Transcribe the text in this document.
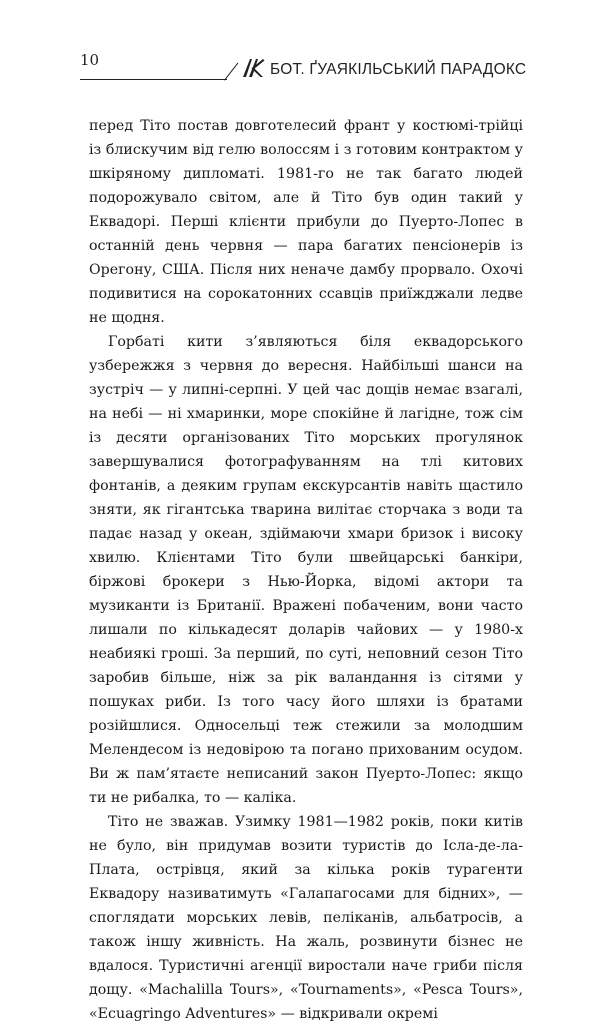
10
БОТ. ҐУАЯКІЛЬСЬКИЙ ПАРАДОКС

перед Тіто постав довготелесий франт у костюмі-трійці із блискучим від гелю волоссям і з готовим контрактом у шкіряному дипломаті. 1981-го не так багато людей подорожувало світом, але й Тіто був один такий у Еквадорі. Перші клієнти прибули до Пуерто-Лопес в останній день червня — пара багатих пенсіонерів із Орегону, США. Після них неначе дамбу прорвало. Охочі подивитися на сорокатонних ссавців приїжджали ледве не щодня.

Горбаті кити з’являються біля еквадорського узбережжя з червня до вересня. Найбільші шанси на зустріч — у липні-серпні. У цей час дощів немає взагалі, на небі — ні хмаринки, море спокійне й лагідне, тож сім із десяти організованих Тіто морських прогулянок завершувалися фотографуванням на тлі китових фонтанів, а деяким групам екскурсантів навіть щастило зняти, як гігантська тварина вилітає сторчака з води та падає назад у океан, здіймаючи хмари бризок і високу хвилю. Клієнтами Тіто були швейцарські банкіри, біржові брокери з Нью-Йорка, відомі актори та музиканти із Британії. Вражені побаченим, вони часто лишали по кількадесят доларів чайових — у 1980-х неабиякі гроші. За перший, по суті, неповний сезон Тіто заробив більше, ніж за рік валандання із сітями у пошуках риби. Із того часу його шляхи із братами розійшлися. Односельці теж стежили за молодшим Мелендесом із недовірою та погано прихованим осудом. Ви ж пам’ятаєте неписаний закон Пуерто-Лопес: якщо ти не рибалка, то — каліка.

Тіто не зважав. Узимку 1981—1982 років, поки китів не було, він придумав возити туристів до Ісла-де-ла-Плата, острівця, який за кілька років турагенти Еквадору називатимуть «Галапагосами для бідних», — споглядати морських левів, пеліканів, альбатросів, а також іншу живність. На жаль, розвинути бізнес не вдалося. Туристичні агенції виростали наче гриби після дощу. «Machalilla Tours», «Tournaments», «Pesca Tours», «Ecuagringo Adventures» — відкривали окремі
